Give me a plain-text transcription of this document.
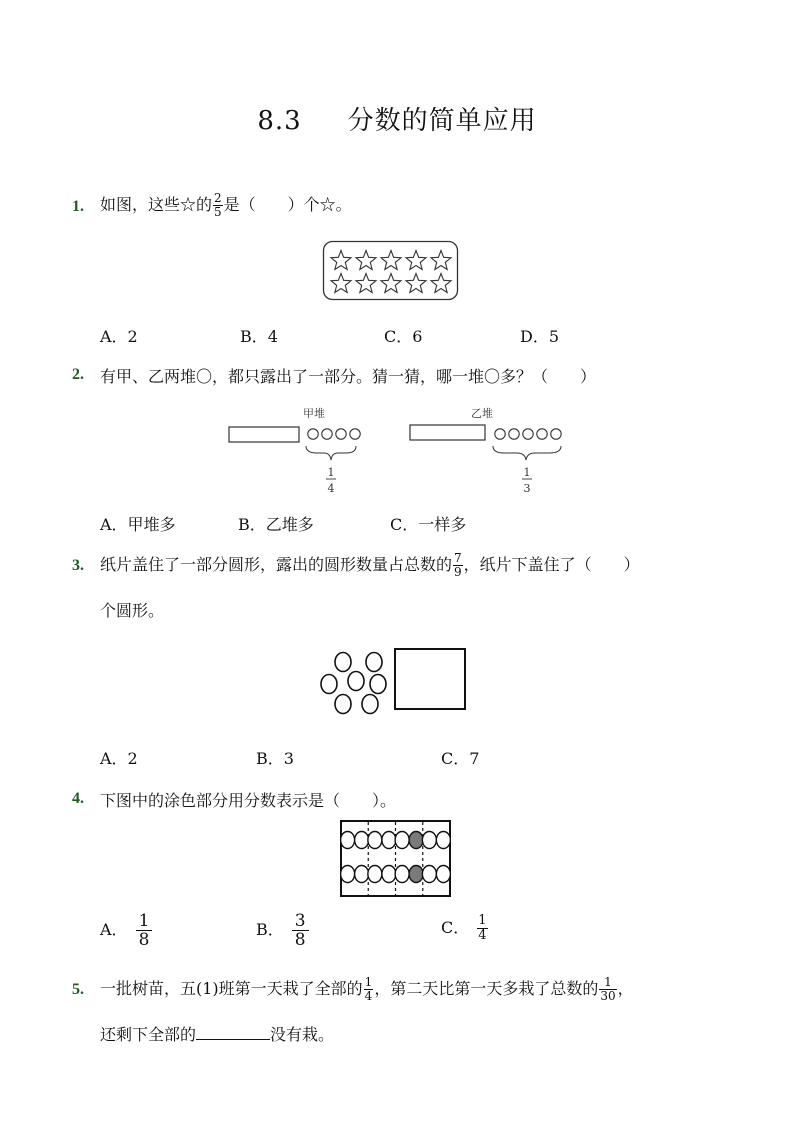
8.3 分数的简单应用
1. 如图，这些☆的 $\frac{2}{5}$ 是（　　）个☆。
A．2	B．4	C．6	D．5
2. 有甲、乙两堆〇，都只露出了一部分。猜一猜，哪一堆〇多？（　　）
甲堆
1
4
乙堆
1
3
A．甲堆多	B．乙堆多	C．一样多
3. 纸片盖住了一部分圆形，露出的圆形数量占总数的 $\frac{7}{9}$ ，纸片下盖住了（　　）
个圆形。
A．2	B．3	C．7
4. 下图中的涂色部分用分数表示是（　　）。
A． $\frac{1}{8}$	B． $\frac{3}{8}$	C． $\frac{1}{4}$
5. 一批树苗，五(1)班第一天栽了全部的 $\frac{1}{4}$ ，第二天比第一天多栽了总数的 $\frac{1}{30}$ ，
还剩下全部的	没有栽。
